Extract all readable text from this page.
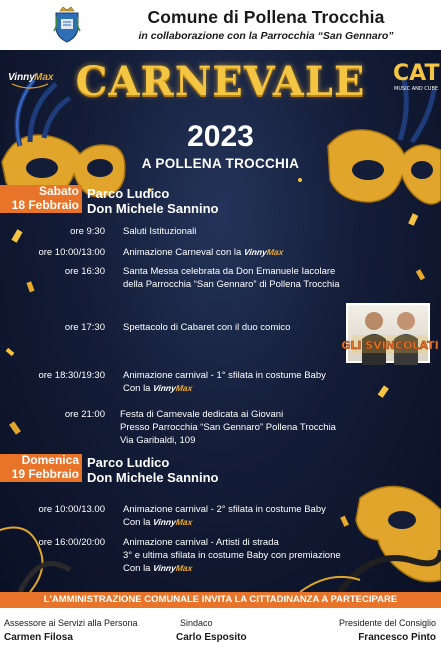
Comune di Pollena Trocchia
in collaborazione con la Parrocchia “San Gennaro”
Vinny Max	CAT
MUSIC AND CUBE
CARNEVALE
2023
A POLLENA TROCCHIA
Sabato
18 Febbraio
Parco Ludico
Don Michele Sannino
ore 9:30 Saluti Istituzionali
ore 10:00/13:00 Animazione Carneval con la VinnyMax
ore 16:30 Santa Messa celebrata da Don Emanuele Iacolare
della Parrocchia “San Gennaro” di Pollena Trocchia
ore 17:30 Spettacolo di Cabaret con il duo comico
GLI SVINCOLATI
ore 18:30/19:30 Animazione carnival - 1° sfilata in costume Baby
Con la VinnyMax
ore 21:00 Festa di Carnevale dedicata ai Giovani
Presso Parrocchia “San Gennaro” Pollena Trocchia
Via Garibaldi, 109
Domenica
19 Febbraio
Parco Ludico
Don Michele Sannino
ore 10:00/13.00 Animazione carnival - 2° sfilata in costume Baby
Con la VinnyMax
ore 16:00/20:00 Animazione carnival - Artisti di strada
3° e ultima sfilata in costume Baby con premiazione
Con la VinnyMax
L'AMMINISTRAZIONE COMUNALE INVITA LA CITTADINANZA A PARTECIPARE
Assessore ai Servizi alla Persona
Carmen Filosa
Sindaco
Carlo Esposito
Presidente del Consiglio
Francesco Pinto
